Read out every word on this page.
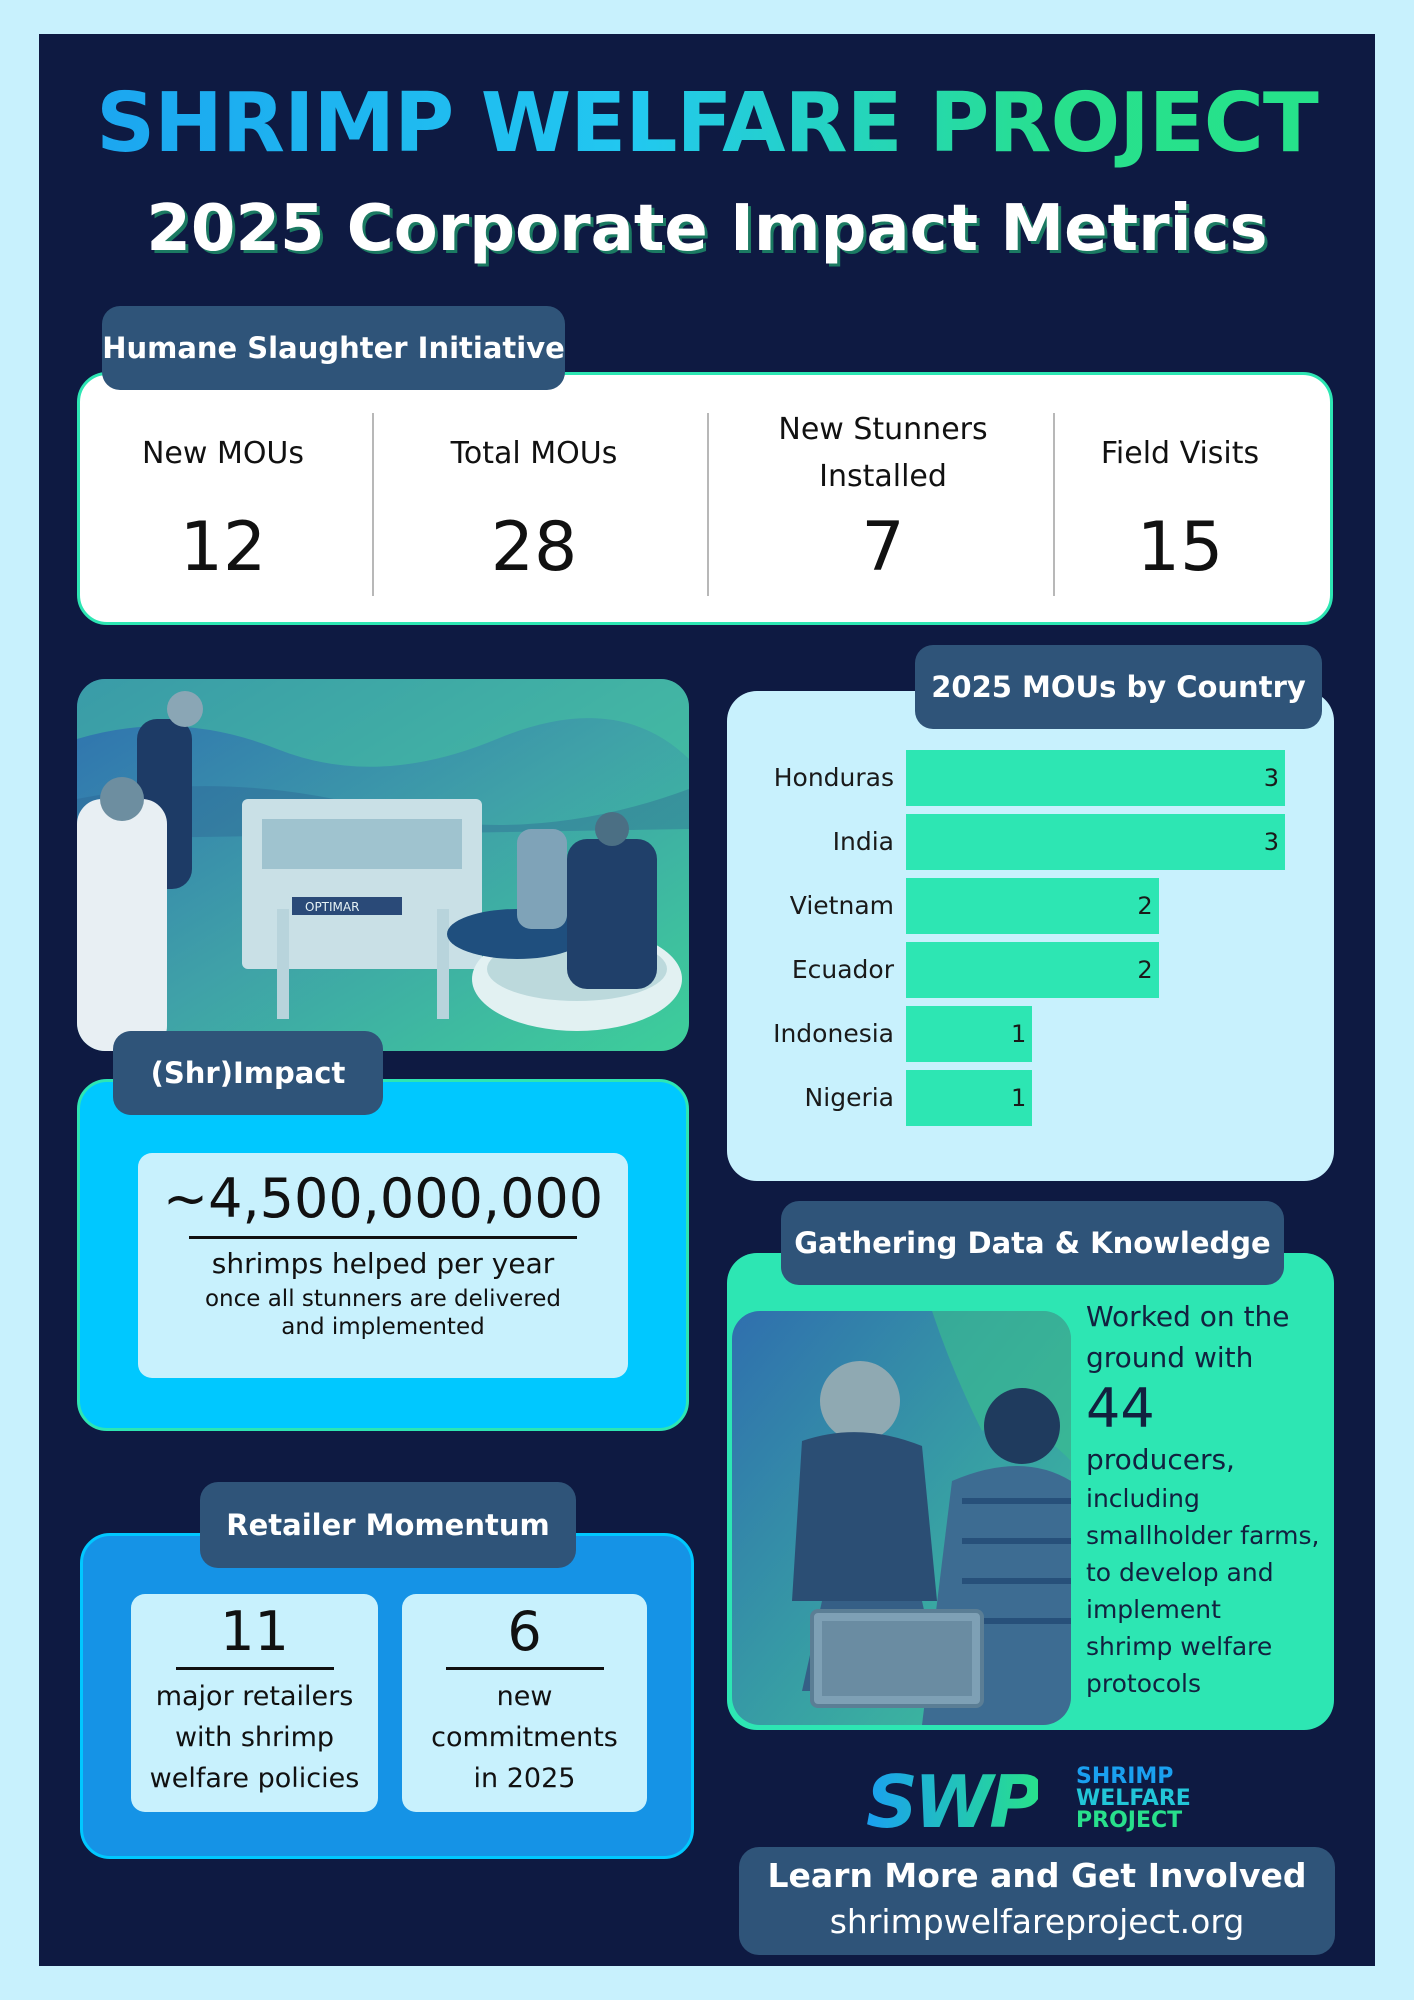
SHRIMP WELFARE PROJECT
2025 Corporate Impact Metrics
Humane Slaughter Initiative
New MOUs
12
Total MOUs
28
New Stunners Installed
7
Field Visits
15
OPTIMAR
(Shr)Impact
~4,500,000,000
shrimps helped per year
once all stunners are delivered
and implemented
2025 MOUs by Country
Honduras	3
India	3
Vietnam	2
Ecuador	2
Indonesia	1
Nigeria	1
Gathering Data & Knowledge
Worked on the
ground with
44
producers,
including
smallholder farms,
to develop and
implement
shrimp welfare
protocols
Retailer Momentum
11
major retailers
with shrimp
welfare policies
6
new
commitments
in 2025	SWP SHRIMP
WELFARE
PROJECT
Learn More and Get Involved
shrimpwelfareproject.org
